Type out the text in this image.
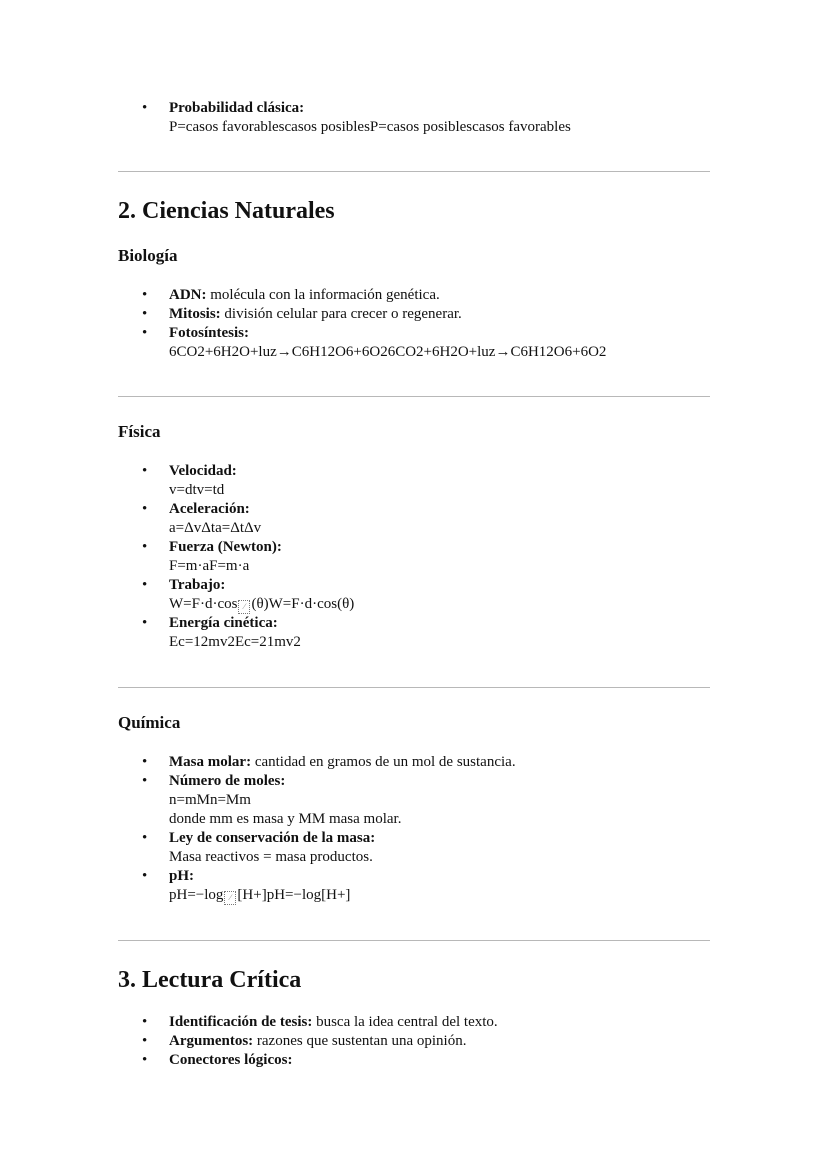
• Probabilidad clásica:
P=casos favorablescasos posiblesP=casos posiblescasos favorables
2. Ciencias Naturales
Biología
• ADN: molécula con la información genética.
• Mitosis: división celular para crecer o regenerar.
• Fotosíntesis:
6CO2+6H2O+luz→C6H12O6+6O26CO2+6H2O+luz→C6H12O6+6O2
Física
• Velocidad:
v=dtv=td
• Aceleración:
a=ΔvΔta=ΔtΔv
• Fuerza (Newton):
F=m·aF=m·a
• Trabajo:
W=F·d·cos ⁄ (θ)W=F·d·cos(θ)
• Energía cinética:
Ec=12mv2Ec=21mv2
Química
• Masa molar: cantidad en gramos de un mol de sustancia.
• Número de moles:
n=mMn=Mm
donde mm es masa y MM masa molar.
• Ley de conservación de la masa:
Masa reactivos = masa productos.
• pH:
pH=−log ⁄ [H+]pH=−log[H+]
3. Lectura Crítica
• Identificación de tesis: busca la idea central del texto.
• Argumentos: razones que sustentan una opinión.
• Conectores lógicos:
